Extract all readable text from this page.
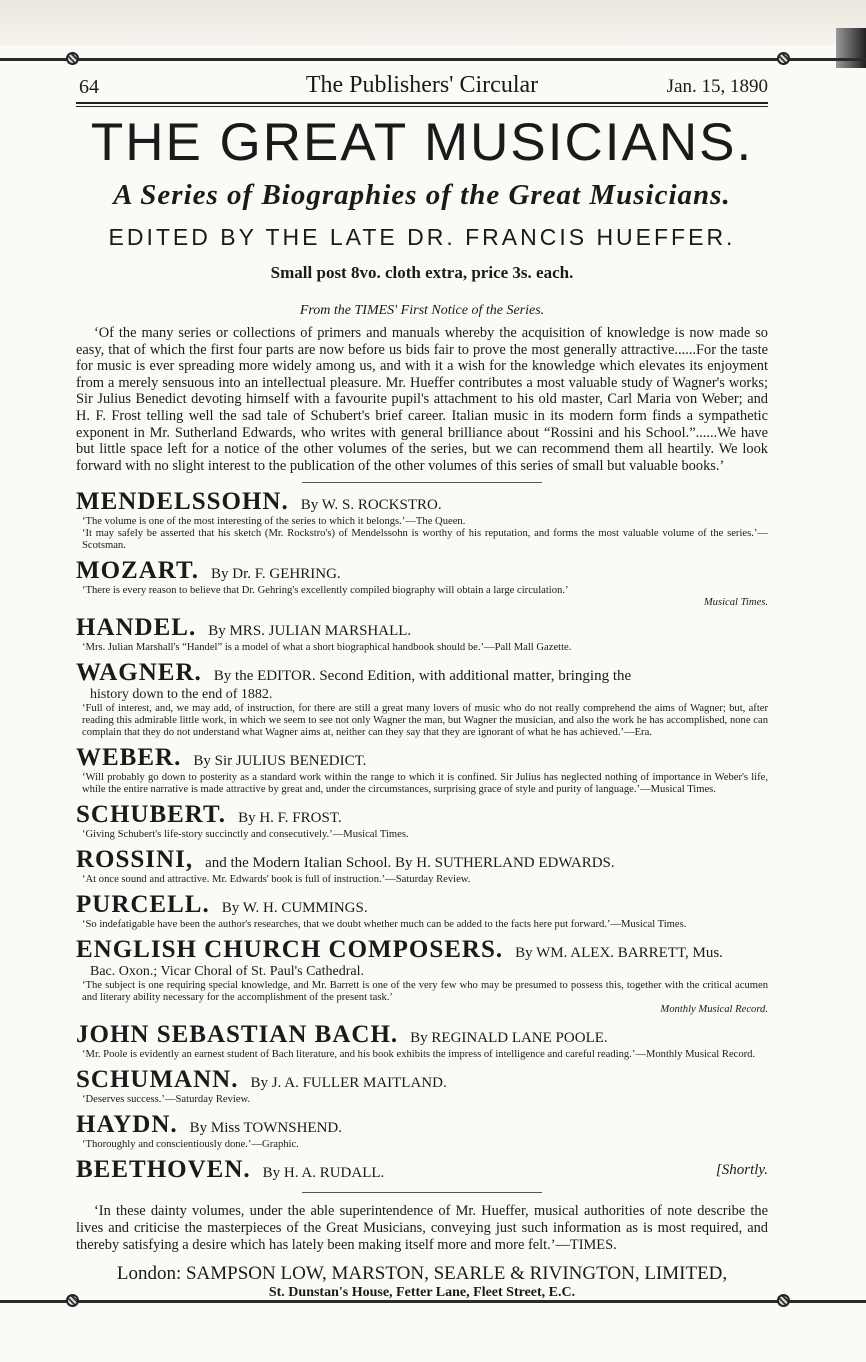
64	The Publishers' Circular	Jan. 15, 1890
THE GREAT MUSICIANS.
A Series of Biographies of the Great Musicians.
EDITED BY THE LATE DR. FRANCIS HUEFFER.
Small post 8vo. cloth extra, price 3s. each.
From the TIMES' First Notice of the Series.

‘Of the many series or collections of primers and manuals whereby the acquisition of knowledge is now made so easy, that of which the first four parts are now before us bids fair to prove the most generally attractive......For the taste for music is ever spreading more widely among us, and with it a wish for the knowledge which elevates its enjoyment from a merely sensuous into an intellectual pleasure. Mr. Hueffer contributes a most valuable study of Wagner's works; Sir Julius Benedict devoting himself with a favourite pupil's attachment to his old master, Carl Maria von Weber; and H. F. Frost telling well the sad tale of Schubert's brief career. Italian music in its modern form finds a sympathetic exponent in Mr. Sutherland Edwards, who writes with general brilliance about “Rossini and his School.”......We have but little space left for a notice of the other volumes of the series, but we can recommend them all heartily. We look forward with no slight interest to the publication of the other volumes of this series of small but valuable books.’

MENDELSSOHN. By W. S. ROCKSTRO.

‘The volume is one of the most interesting of the series to which it belongs.’—The Queen.

‘It may safely be asserted that his sketch (Mr. Rockstro's) of Mendelssohn is worthy of his reputation, and forms the most valuable volume of the series.’—Scotsman.

MOZART. By Dr. F. GEHRING.

‘There is every reason to believe that Dr. Gehring's excellently compiled biography will obtain a large circulation.’

Musical Times.

HANDEL. By MRS. JULIAN MARSHALL.

‘Mrs. Julian Marshall's “Handel” is a model of what a short biographical handbook should be.’—Pall Mall Gazette.

WAGNER. By the EDITOR. Second Edition, with additional matter, bringing the
history down to the end of 1882.

‘Full of interest, and, we may add, of instruction, for there are still a great many lovers of music who do not really comprehend the aims of Wagner; but, after reading this admirable little work, in which we seem to see not only Wagner the man, but Wagner the musician, and also the work he has accomplished, none can complain that they do not understand what Wagner aims at, neither can they say that they are ignorant of what he has achieved.’—Era.

WEBER. By Sir JULIUS BENEDICT.

‘Will probably go down to posterity as a standard work within the range to which it is confined. Sir Julius has neglected nothing of importance in Weber's life, while the entire narrative is made attractive by great and, under the circumstances, surprising grace of style and purity of language.’—Musical Times.

SCHUBERT. By H. F. FROST.

‘Giving Schubert's life-story succinctly and consecutively.’—Musical Times.

ROSSINI, and the Modern Italian School. By H. SUTHERLAND EDWARDS.

‘At once sound and attractive. Mr. Edwards' book is full of instruction.’—Saturday Review.

PURCELL. By W. H. CUMMINGS.

‘So indefatigable have been the author's researches, that we doubt whether much can be added to the facts here put forward.’—Musical Times.

ENGLISH CHURCH COMPOSERS. By WM. ALEX. BARRETT, Mus.
Bac. Oxon.; Vicar Choral of St. Paul's Cathedral.

‘The subject is one requiring special knowledge, and Mr. Barrett is one of the very few who may be presumed to possess this, together with the critical acumen and literary ability necessary for the accomplishment of the present task.’

Monthly Musical Record.

JOHN SEBASTIAN BACH. By REGINALD LANE POOLE.

‘Mr. Poole is evidently an earnest student of Bach literature, and his book exhibits the impress of intelligence and careful reading.’—Monthly Musical Record.

SCHUMANN. By J. A. FULLER MAITLAND.

‘Deserves success.’—Saturday Review.

HAYDN. By Miss TOWNSHEND.

‘Thoroughly and conscientiously done.’—Graphic.

[Shortly.
BEETHOVEN. By H. A. RUDALL.

‘In these dainty volumes, under the able superintendence of Mr. Hueffer, musical authorities of note describe the lives and criticise the masterpieces of the Great Musicians, conveying just such information as is most required, and thereby satisfying a desire which has lately been making itself more and more felt.’—TIMES.

London: SAMPSON LOW, MARSTON, SEARLE & RIVINGTON, LIMITED,
St. Dunstan's House, Fetter Lane, Fleet Street, E.C.
